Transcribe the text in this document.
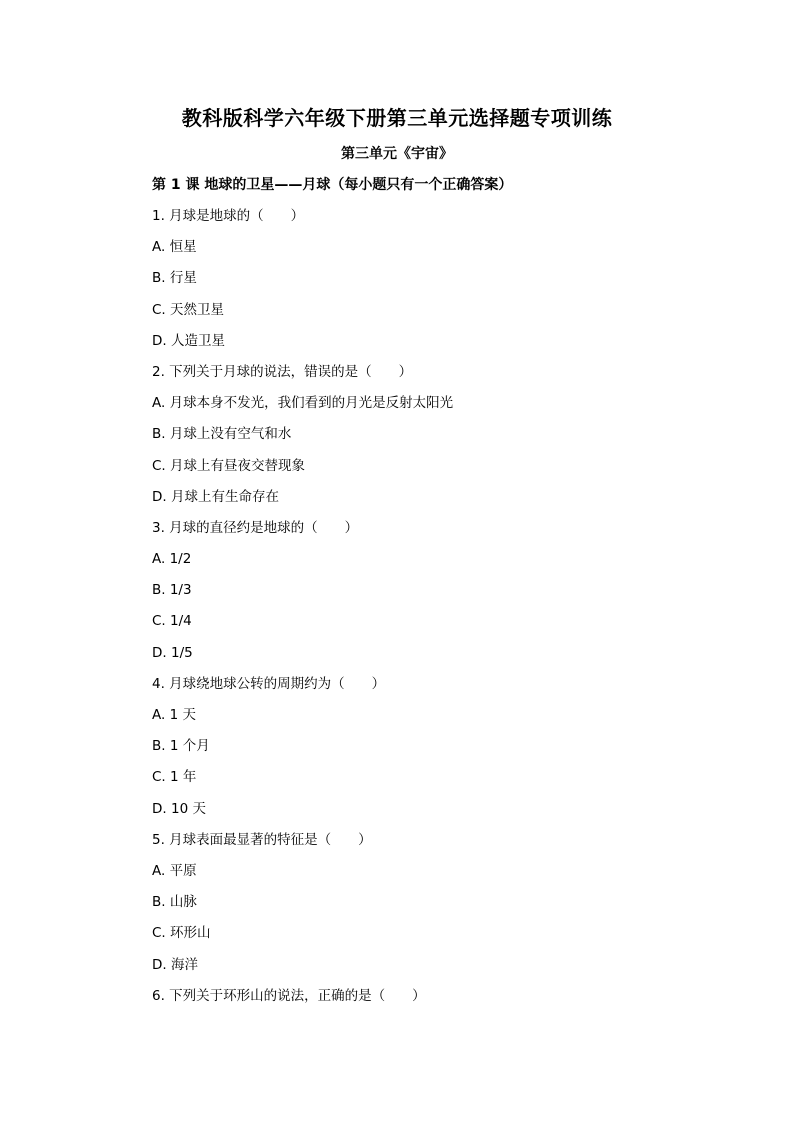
教科版科学六年级下册第三单元选择题专项训练
第三单元《宇宙》
第 1 课 地球的卫星——月球（每小题只有一个正确答案）
1. 月球是地球的（　　）
A. 恒星
B. 行星
C. 天然卫星
D. 人造卫星
2. 下列关于月球的说法，错误的是（　　）
A. 月球本身不发光，我们看到的月光是反射太阳光
B. 月球上没有空气和水
C. 月球上有昼夜交替现象
D. 月球上有生命存在
3. 月球的直径约是地球的（　　）
A. 1/2
B. 1/3
C. 1/4
D. 1/5
4. 月球绕地球公转的周期约为（　　）
A. 1 天
B. 1 个月
C. 1 年
D. 10 天
5. 月球表面最显著的特征是（　　）
A. 平原
B. 山脉
C. 环形山
D. 海洋
6. 下列关于环形山的说法，正确的是（　　）
